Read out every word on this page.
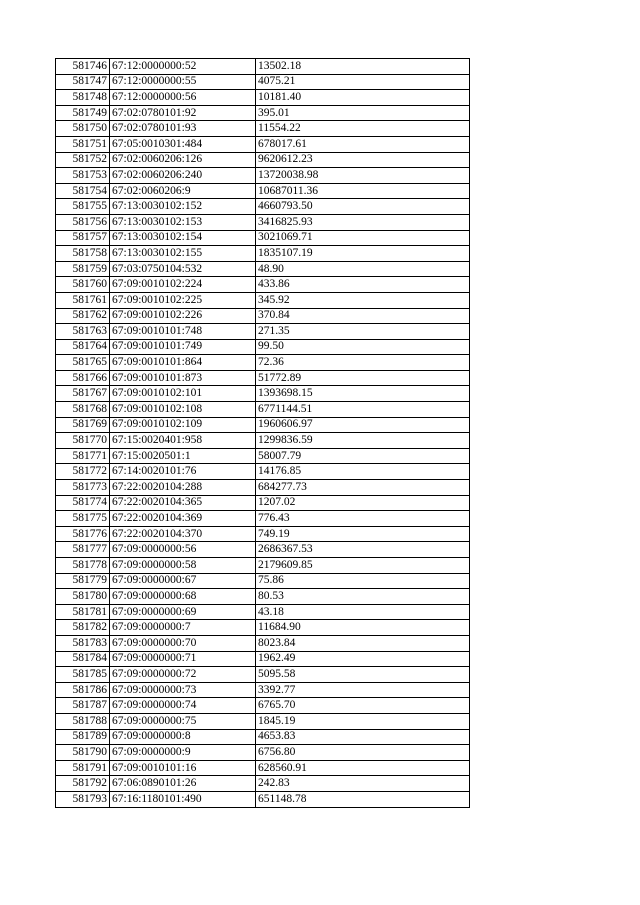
581746	67:12:0000000:52	13502.18
581747	67:12:0000000:55	4075.21
581748	67:12:0000000:56	10181.40
581749	67:02:0780101:92	395.01
581750	67:02:0780101:93	11554.22
581751	67:05:0010301:484	678017.61
581752	67:02:0060206:126	9620612.23
581753	67:02:0060206:240	13720038.98
581754	67:02:0060206:9	10687011.36
581755	67:13:0030102:152	4660793.50
581756	67:13:0030102:153	3416825.93
581757	67:13:0030102:154	3021069.71
581758	67:13:0030102:155	1835107.19
581759	67:03:0750104:532	48.90
581760	67:09:0010102:224	433.86
581761	67:09:0010102:225	345.92
581762	67:09:0010102:226	370.84
581763	67:09:0010101:748	271.35
581764	67:09:0010101:749	99.50
581765	67:09:0010101:864	72.36
581766	67:09:0010101:873	51772.89
581767	67:09:0010102:101	1393698.15
581768	67:09:0010102:108	6771144.51
581769	67:09:0010102:109	1960606.97
581770	67:15:0020401:958	1299836.59
581771	67:15:0020501:1	58007.79
581772	67:14:0020101:76	14176.85
581773	67:22:0020104:288	684277.73
581774	67:22:0020104:365	1207.02
581775	67:22:0020104:369	776.43
581776	67:22:0020104:370	749.19
581777	67:09:0000000:56	2686367.53
581778	67:09:0000000:58	2179609.85
581779	67:09:0000000:67	75.86
581780	67:09:0000000:68	80.53
581781	67:09:0000000:69	43.18
581782	67:09:0000000:7	11684.90
581783	67:09:0000000:70	8023.84
581784	67:09:0000000:71	1962.49
581785	67:09:0000000:72	5095.58
581786	67:09:0000000:73	3392.77
581787	67:09:0000000:74	6765.70
581788	67:09:0000000:75	1845.19
581789	67:09:0000000:8	4653.83
581790	67:09:0000000:9	6756.80
581791	67:09:0010101:16	628560.91
581792	67:06:0890101:26	242.83
581793	67:16:1180101:490	651148.78
